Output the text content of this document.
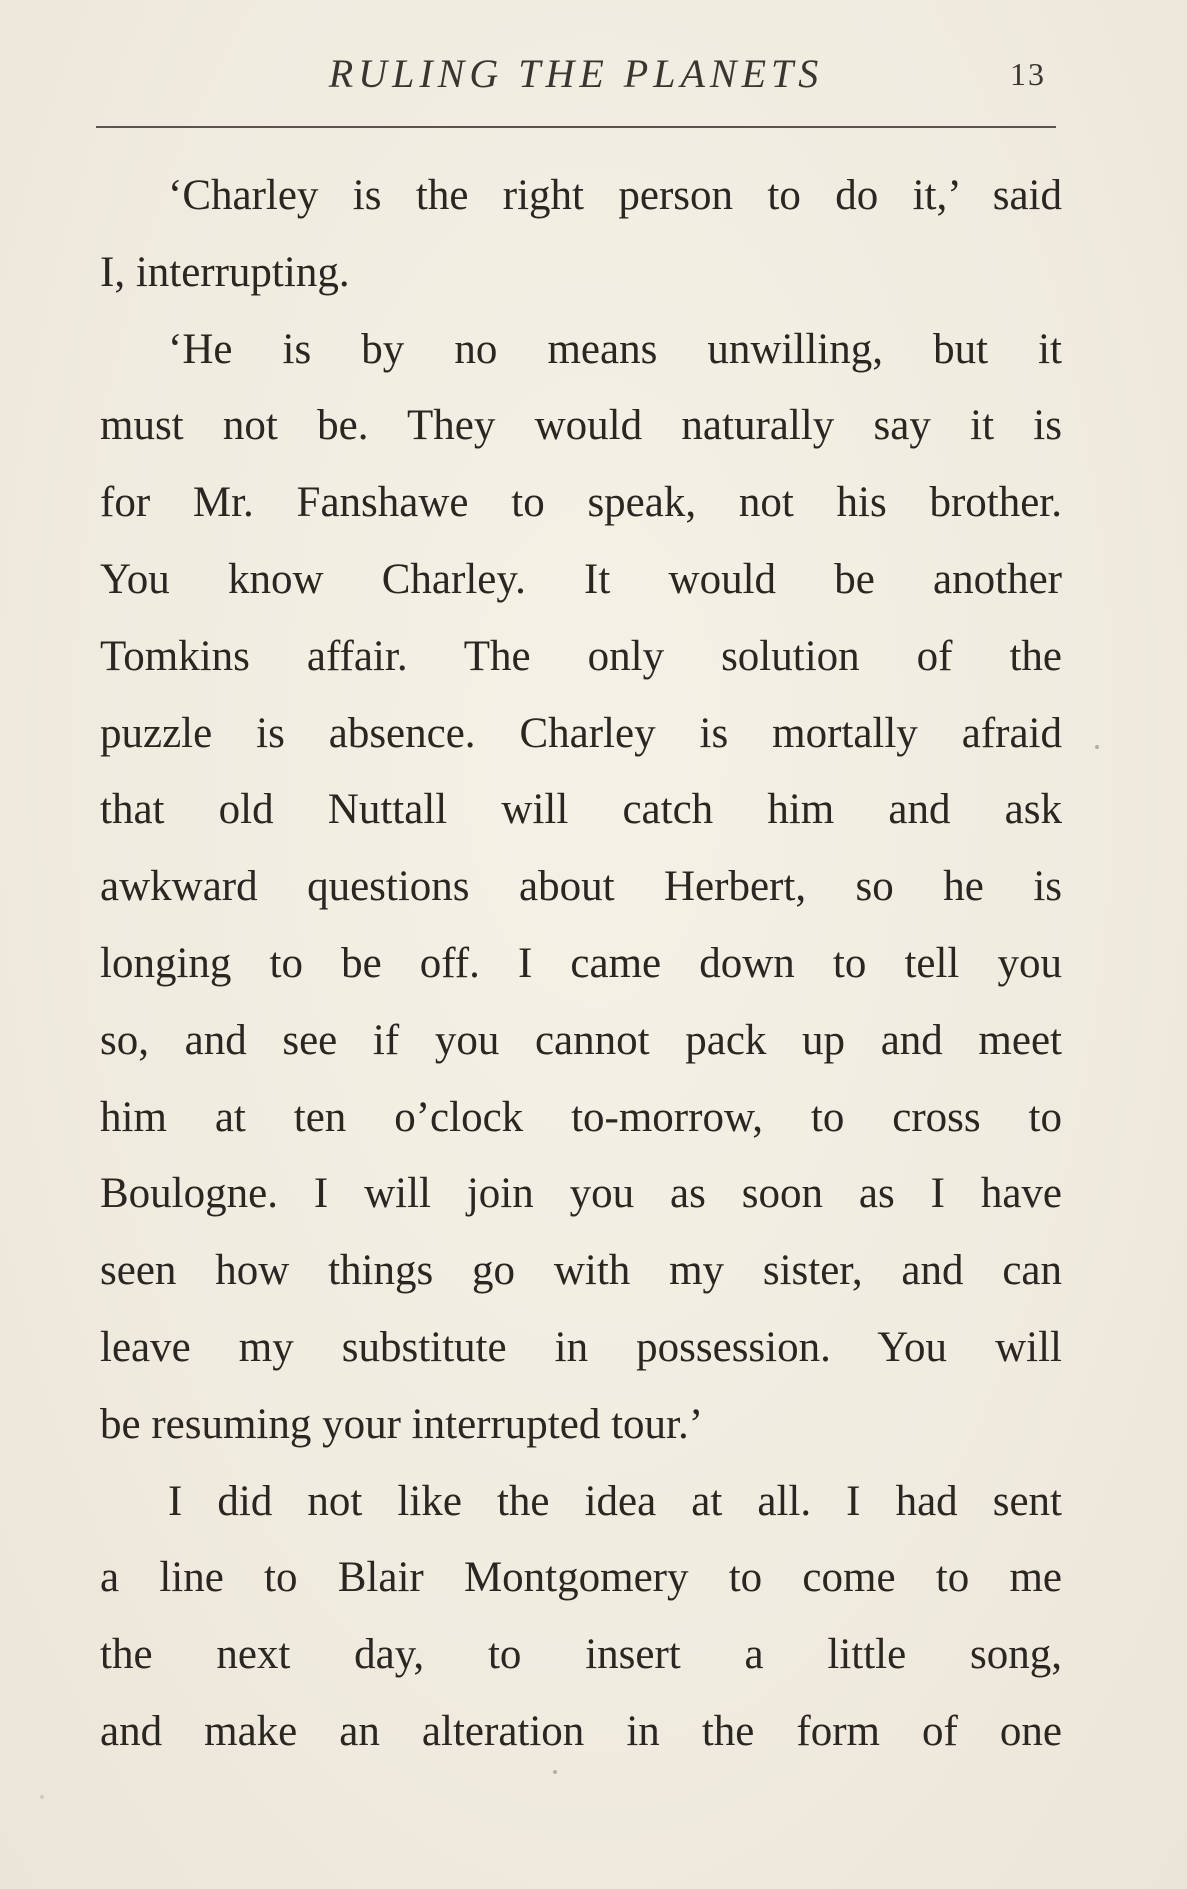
RULING THE PLANETS	13
‘Charley is the right person to do it,’ said
I, interrupting.
‘He is by no means unwilling, but it
must not be. They would naturally say it is
for Mr. Fanshawe to speak, not his brother.
You know Charley. It would be another
Tomkins affair. The only solution of the
puzzle is absence. Charley is mortally afraid
that old Nuttall will catch him and ask
awkward questions about Herbert, so he is
longing to be off. I came down to tell you
so, and see if you cannot pack up and meet
him at ten o’clock to-morrow, to cross to
Boulogne. I will join you as soon as I have
seen how things go with my sister, and can
leave my substitute in possession. You will
be resuming your interrupted tour.’
I did not like the idea at all. I had sent
a line to Blair Montgomery to come to me
the next day, to insert a little song,
and make an alteration in the form of one
